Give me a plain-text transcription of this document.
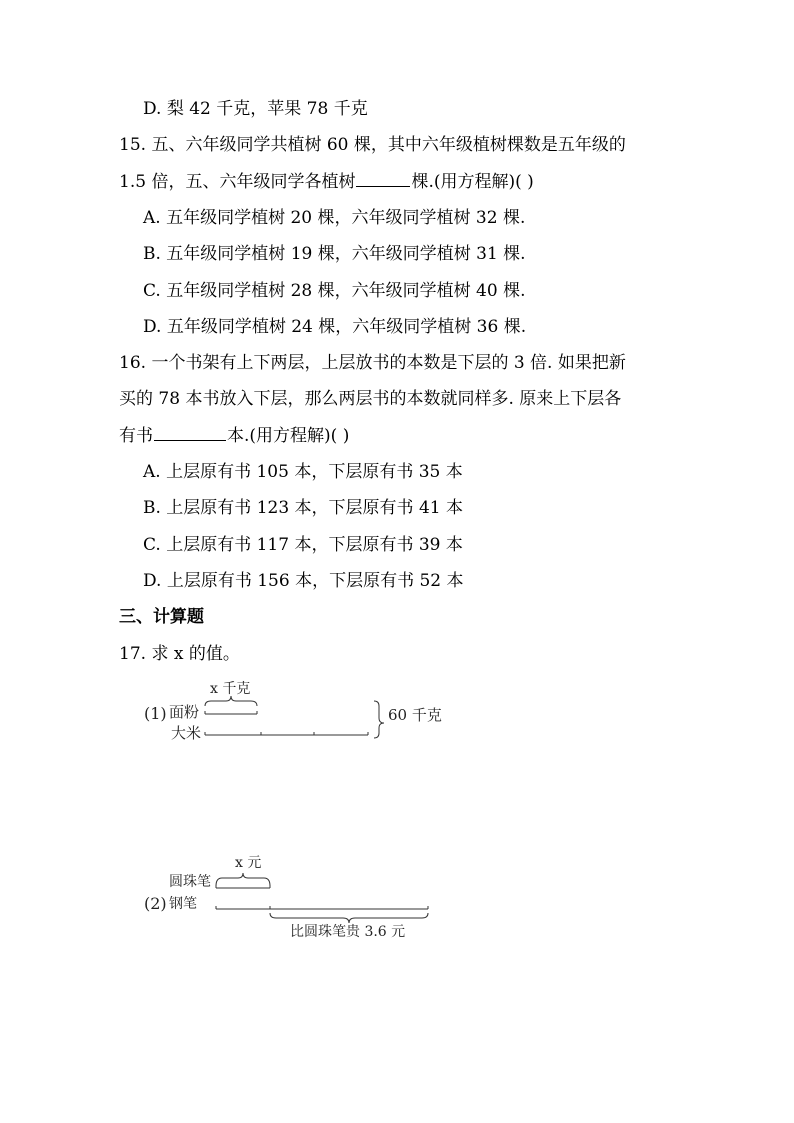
D. 梨 42 千克，苹果 78 千克
15. 五、六年级同学共植树 60 棵，其中六年级植树棵数是五年级的
1.5 倍，五、六年级同学各植树	棵.(用方程解)( )
A. 五年级同学植树 20 棵，六年级同学植树 32 棵.
B. 五年级同学植树 19 棵，六年级同学植树 31 棵.
C. 五年级同学植树 28 棵，六年级同学植树 40 棵.
D. 五年级同学植树 24 棵，六年级同学植树 36 棵.
16. 一个书架有上下两层，上层放书的本数是下层的 3 倍. 如果把新
买的 78 本书放入下层，那么两层书的本数就同样多. 原来上下层各
有书	本.(用方程解)( )
A. 上层原有书 105 本，下层原有书 35 本
B. 上层原有书 123 本，下层原有书 41 本
C. 上层原有书 117 本，下层原有书 39 本
D. 上层原有书 156 本，下层原有书 52 本
三、计算题
17. 求 x 的值。
(1) 面粉
大米
x 千克
60 千克
x 元
圆珠笔
(2) 钢笔
比圆珠笔贵 3.6 元
